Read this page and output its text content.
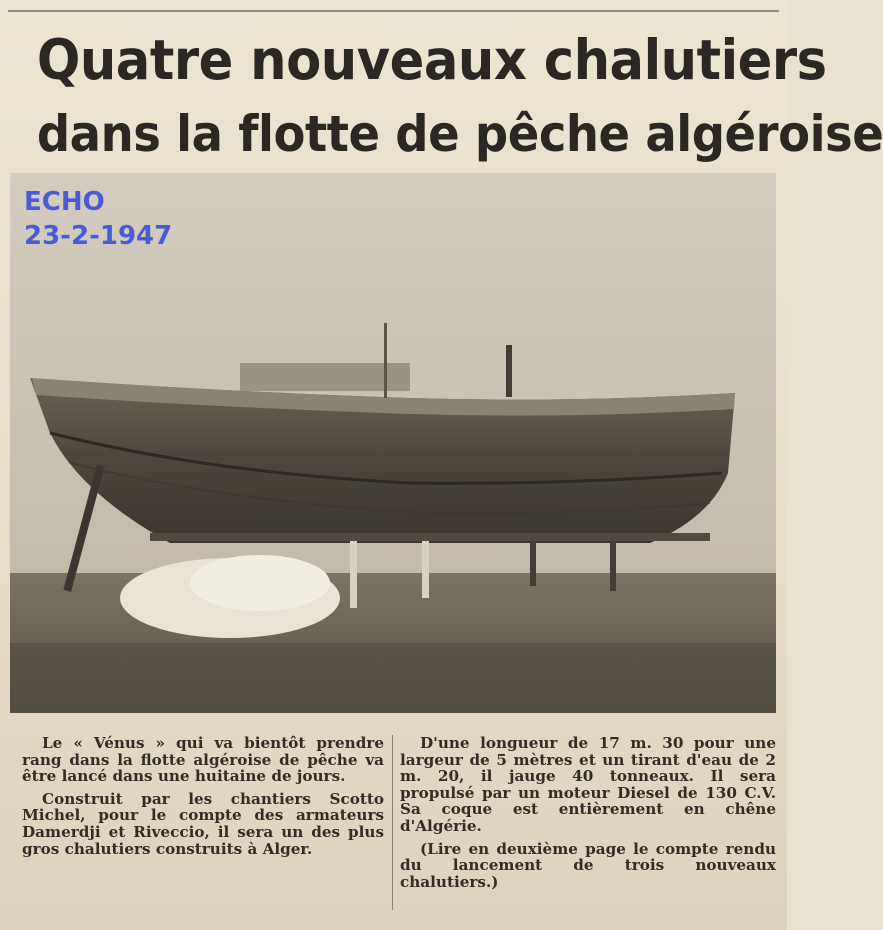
Quatre nouveaux chalutiers
dans la flotte de pêche algéroise
ECHO
23-2-1947

Le « Vénus » qui va bientôt prendre rang dans la flotte algéroise de pêche va être lancé dans une huitaine de jours.

Construit par les chantiers Scotto Michel, pour le compte des armateurs Damerdji et Riveccio, il sera un des plus gros chalutiers construits à Alger.

D'une longueur de 17 m. 30 pour une largeur de 5 mètres et un tirant d'eau de 2 m. 20, il jauge 40 tonneaux. Il sera propulsé par un moteur Diesel de 130 C.V. Sa coque est entièrement en chêne d'Algérie.

(Lire en deuxième page le compte rendu du lancement de trois nouveaux chalutiers.)
